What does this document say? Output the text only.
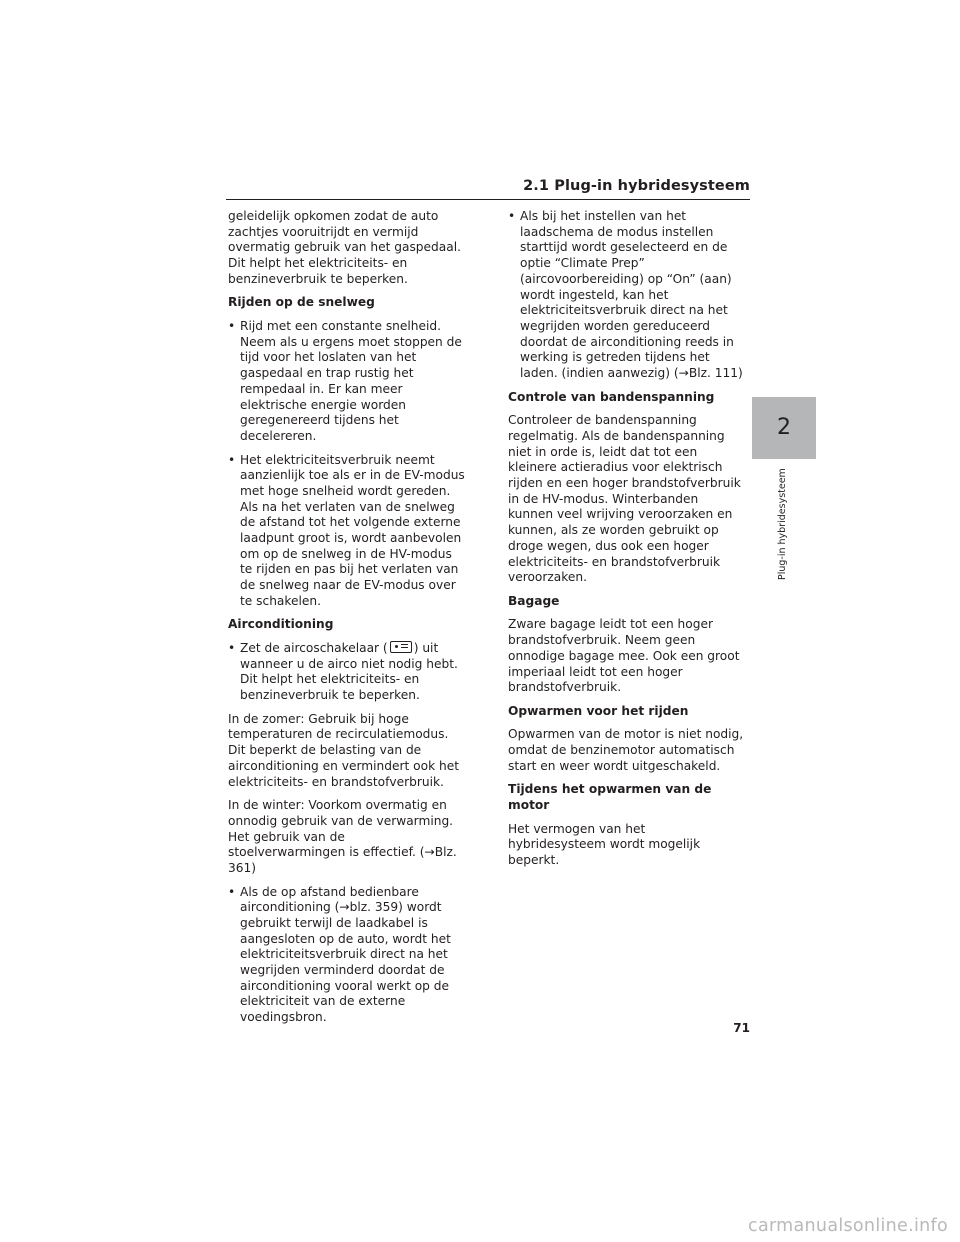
2.1 Plug-in hybridesysteem
2
Plug-in hybridesysteem

geleidelijk opkomen zodat de auto zachtjes vooruitrijdt en vermijd overmatig gebruik van het gaspedaal. Dit helpt het elektriciteits- en benzineverbruik te beperken.

Rijden op de snelweg
• Rijd met een constante snelheid. Neem als u ergens moet stoppen de tijd voor het loslaten van het gaspedaal en trap rustig het rempedaal in. Er kan meer elektrische energie worden geregenereerd tijdens het decelereren.
• Het elektriciteitsverbruik neemt aanzienlijk toe als er in de EV-modus met hoge snelheid wordt gereden. Als na het verlaten van de snelweg de afstand tot het volgende externe laadpunt groot is, wordt aanbevolen om op de snelweg in de HV-modus te rijden en pas bij het verlaten van de snelweg naar de EV-modus over te schakelen.
Airconditioning
• Zet de aircoschakelaar ( ) uit wanneer u de airco niet nodig hebt. Dit helpt het elektriciteits- en benzineverbruik te beperken.

In de zomer: Gebruik bij hoge temperaturen de recirculatiemodus. Dit beperkt de belasting van de airconditioning en vermindert ook het elektriciteits- en brandstofverbruik.

In de winter: Voorkom overmatig en onnodig gebruik van de verwarming. Het gebruik van de stoelverwarmingen is effectief. (→Blz. 361)

• Als de op afstand bedienbare airconditioning (→blz. 359) wordt gebruikt terwijl de laadkabel is aangesloten op de auto, wordt het elektriciteitsverbruik direct na het wegrijden verminderd doordat de airconditioning vooral werkt op de elektriciteit van de externe voedingsbron.
• Als bij het instellen van het laadschema de modus instellen starttijd wordt geselecteerd en de optie “Climate Prep” (aircovoorbereiding) op “On” (aan) wordt ingesteld, kan het elektriciteitsverbruik direct na het wegrijden worden gereduceerd doordat de airconditioning reeds in werking is getreden tijdens het laden. (indien aanwezig) (→Blz. 111)
Controle van bandenspanning

Controleer de bandenspanning regelmatig. Als de bandenspanning niet in orde is, leidt dat tot een kleinere actieradius voor elektrisch rijden en een hoger brandstofverbruik in de HV-modus. Winterbanden kunnen veel wrijving veroorzaken en kunnen, als ze worden gebruikt op droge wegen, dus ook een hoger elektriciteits- en brandstofverbruik veroorzaken.

Bagage

Zware bagage leidt tot een hoger brandstofverbruik. Neem geen onnodige bagage mee. Ook een groot imperiaal leidt tot een hoger brandstofverbruik.

Opwarmen voor het rijden

Opwarmen van de motor is niet nodig, omdat de benzinemotor automatisch start en weer wordt uitgeschakeld.

Tijdens het opwarmen van de motor

Het vermogen van het hybridesysteem wordt mogelijk beperkt.

71
carmanualsonline.info
